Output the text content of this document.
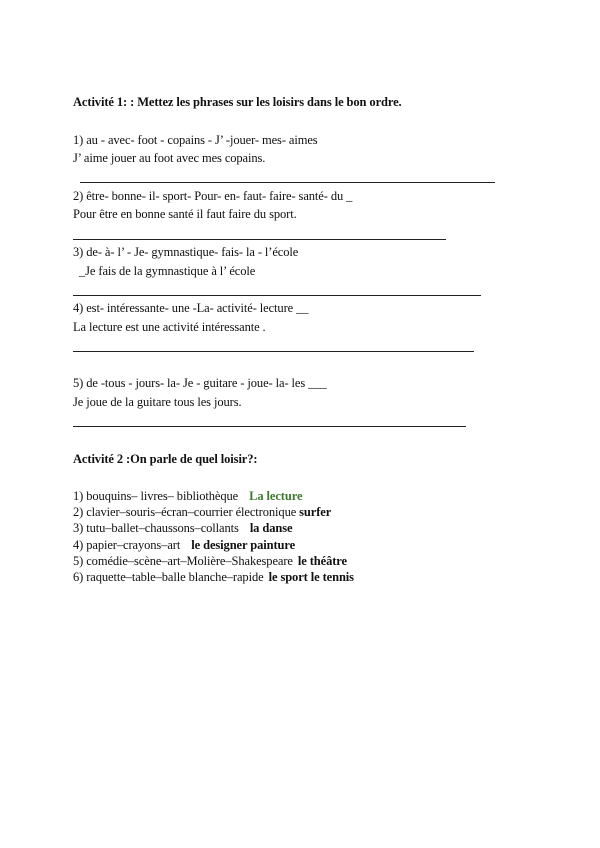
Activité 1: : Mettez les phrases sur les loisirs dans le bon ordre.
1) au - avec- foot - copains - J’ -jouer- mes- aimes
J’ aime jouer au foot avec mes copains.
2) être- bonne- il- sport- Pour- en- faut- faire- santé- du _
Pour être en bonne santé il faut faire du sport.
3) de- à- l’ - Je- gymnastique- fais- la - l’école
_Je fais de la gymnastique à l’ école
4) est- intéressante- une -La- activité- lecture __
La lecture est une activité intéressante .
5) de -tous - jours- la- Je - guitare - joue- la- les ___
Je joue de la guitare tous les jours.
Activité 2 :On parle de quel loisir?:
1) bouquins– livres– bibliothèque La lecture
2) clavier–souris–écran–courrier électronique surfer
3) tutu–ballet–chaussons–collants la danse
4) papier–crayons–art le designer painture
5) comédie–scène–art–Molière–Shakespeare le théâtre
6) raquette–table–balle blanche–rapide le sport le tennis
